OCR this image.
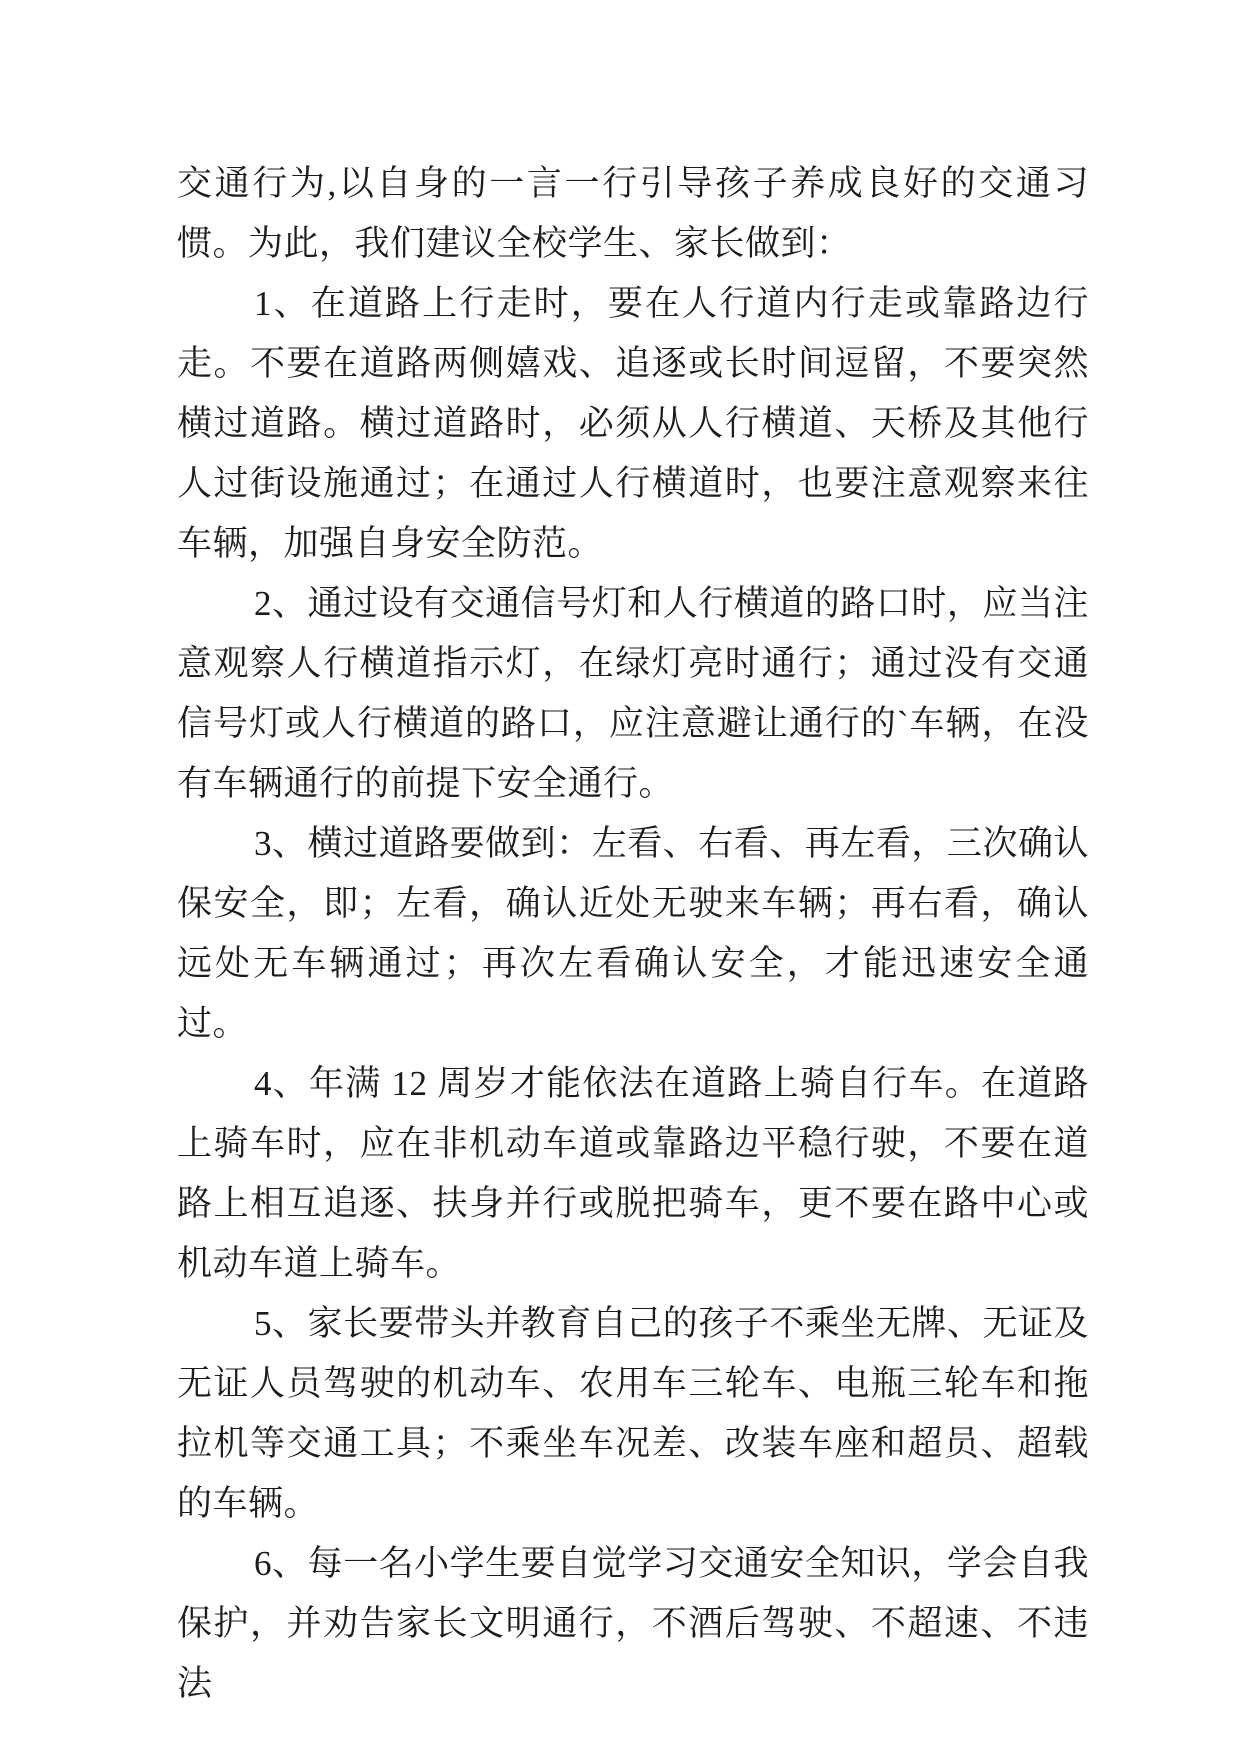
交通行为,以自身的一言一行引导孩子养成良好的交通习惯。为此，我们建议全校学生、家长做到：

1、在道路上行走时，要在人行道内行走或靠路边行走。不要在道路两侧嬉戏、追逐或长时间逗留，不要突然横过道路。横过道路时，必须从人行横道、天桥及其他行人过街设施通过；在通过人行横道时，也要注意观察来往车辆，加强自身安全防范。

2、通过设有交通信号灯和人行横道的路口时，应当注意观察人行横道指示灯，在绿灯亮时通行；通过没有交通信号灯或人行横道的路口，应注意避让通行的`车辆，在没有车辆通行的前提下安全通行。

3、横过道路要做到：左看、右看、再左看，三次确认保安全，即；左看，确认近处无驶来车辆；再右看，确认远处无车辆通过；再次左看确认安全，才能迅速安全通过。

4、年满 12 周岁才能依法在道路上骑自行车。在道路上骑车时，应在非机动车道或靠路边平稳行驶，不要在道路上相互追逐、扶身并行或脱把骑车，更不要在路中心或机动车道上骑车。

5、家长要带头并教育自己的孩子不乘坐无牌、无证及无证人员驾驶的机动车、农用车三轮车、电瓶三轮车和拖拉机等交通工具；不乘坐车况差、改装车座和超员、超载的车辆。

6、每一名小学生要自觉学习交通安全知识，学会自我保护，并劝告家长文明通行，不酒后驾驶、不超速、不违法
